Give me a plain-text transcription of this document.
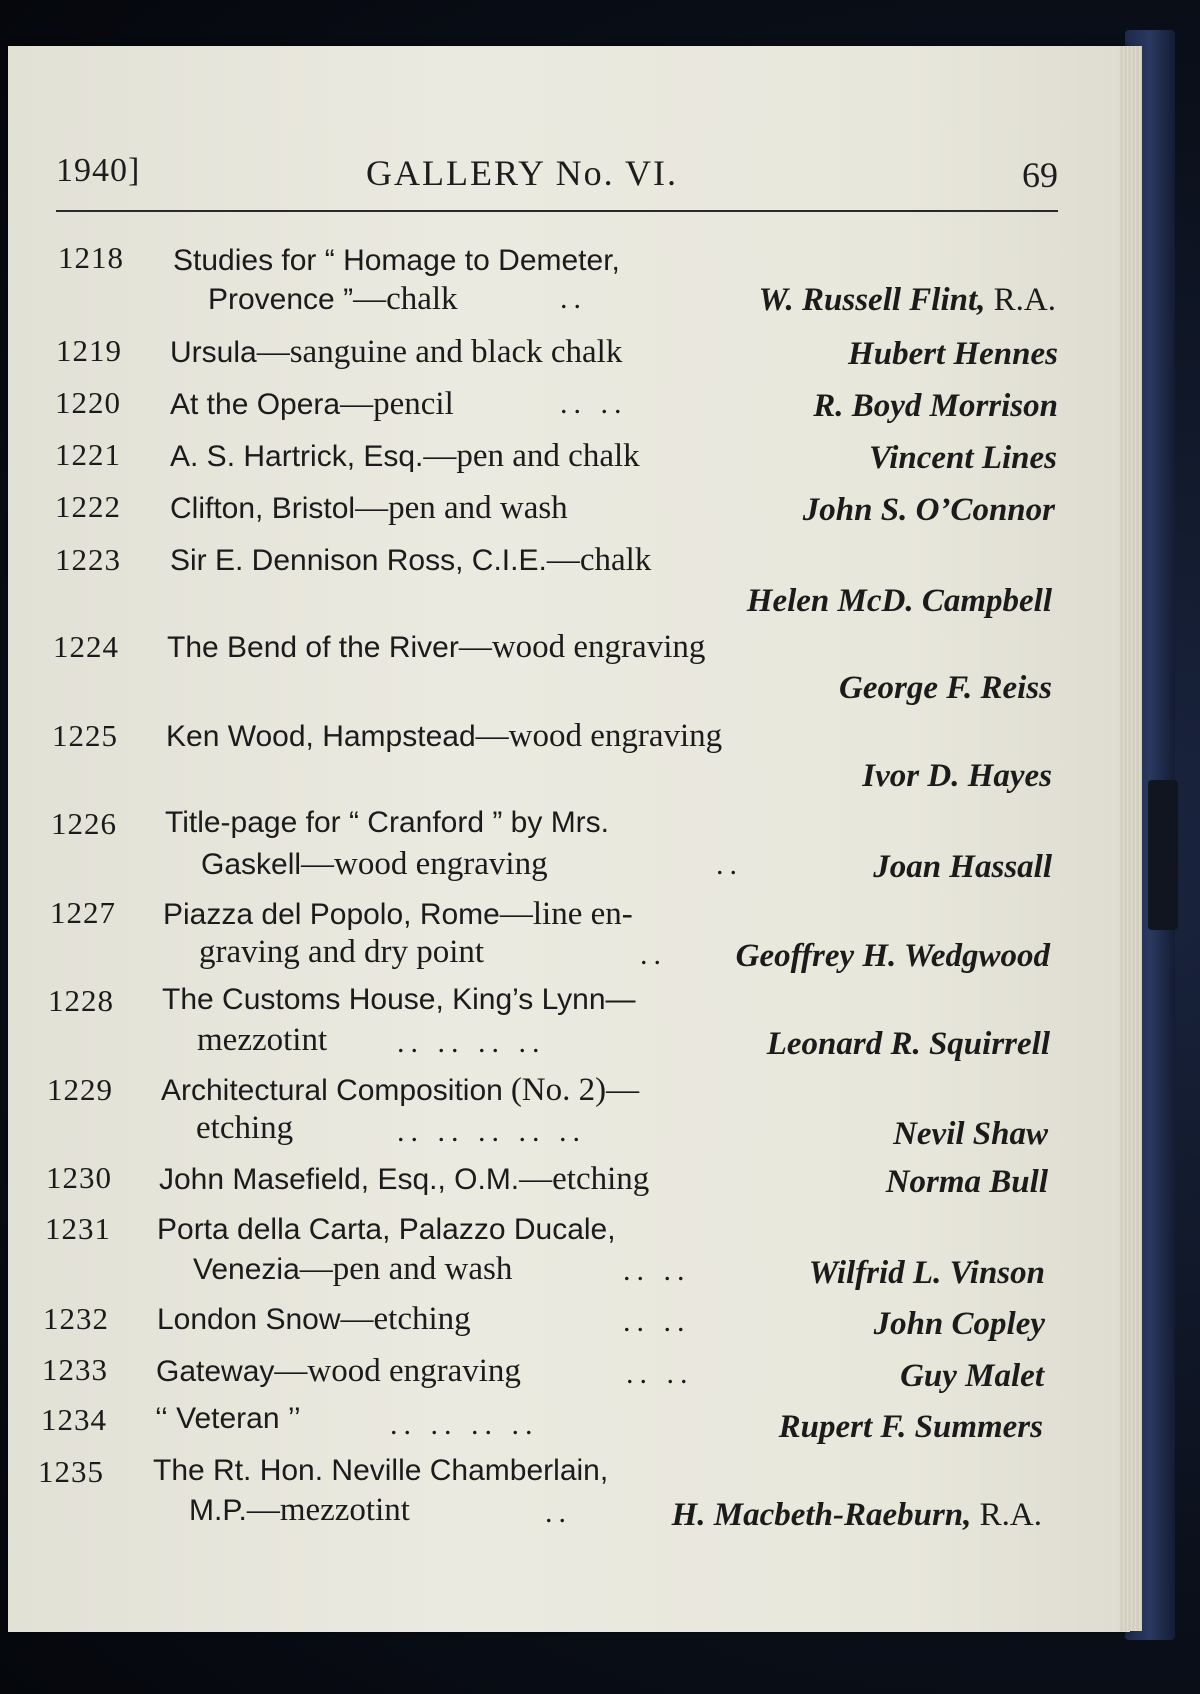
1940]	GALLERY No. VI.	69
1218 Studies for “ Homage to Demeter,
Provence ”—chalk	..	W. Russell Flint, R.A.
1219 Ursula—sanguine and black chalk	Hubert Hennes
1220 At the Opera—pencil	.. ..	R. Boyd Morrison
1221 A. S. Hartrick, Esq.—pen and chalk	Vincent Lines
1222 Clifton, Bristol—pen and wash	John S. O’Connor
1223 Sir E. Dennison Ross, C.I.E.—chalk
Helen McD. Campbell
1224 The Bend of the River—wood engraving
George F. Reiss
1225 Ken Wood, Hampstead—wood engraving
Ivor D. Hayes
1226 Title-page for “ Cranford ” by Mrs.
Gaskell—wood engraving	..	Joan Hassall
1227 Piazza del Popolo, Rome—line en-
graving and dry point	.. Geoffrey H. Wedgwood
1228 The Customs House, King’s Lynn—
mezzotint .. .. .. ..	Leonard R. Squirrell
1229 Architectural Composition (No. 2)—
etching	.. .. .. .. ..	Nevil Shaw
1230 John Masefield, Esq., O.M.—etching	Norma Bull
1231 Porta della Carta, Palazzo Ducale,
Venezia—pen and wash	.. ..	Wilfrid L. Vinson
1232 London Snow—etching	.. ..	John Copley
1233 Gateway—wood engraving	.. ..	Guy Malet
1234 ‘‘ Veteran ’’	.. .. .. ..	Rupert F. Summers
1235 The Rt. Hon. Neville Chamberlain,
M.P.—mezzotint	..	H. Macbeth-Raeburn, R.A.
